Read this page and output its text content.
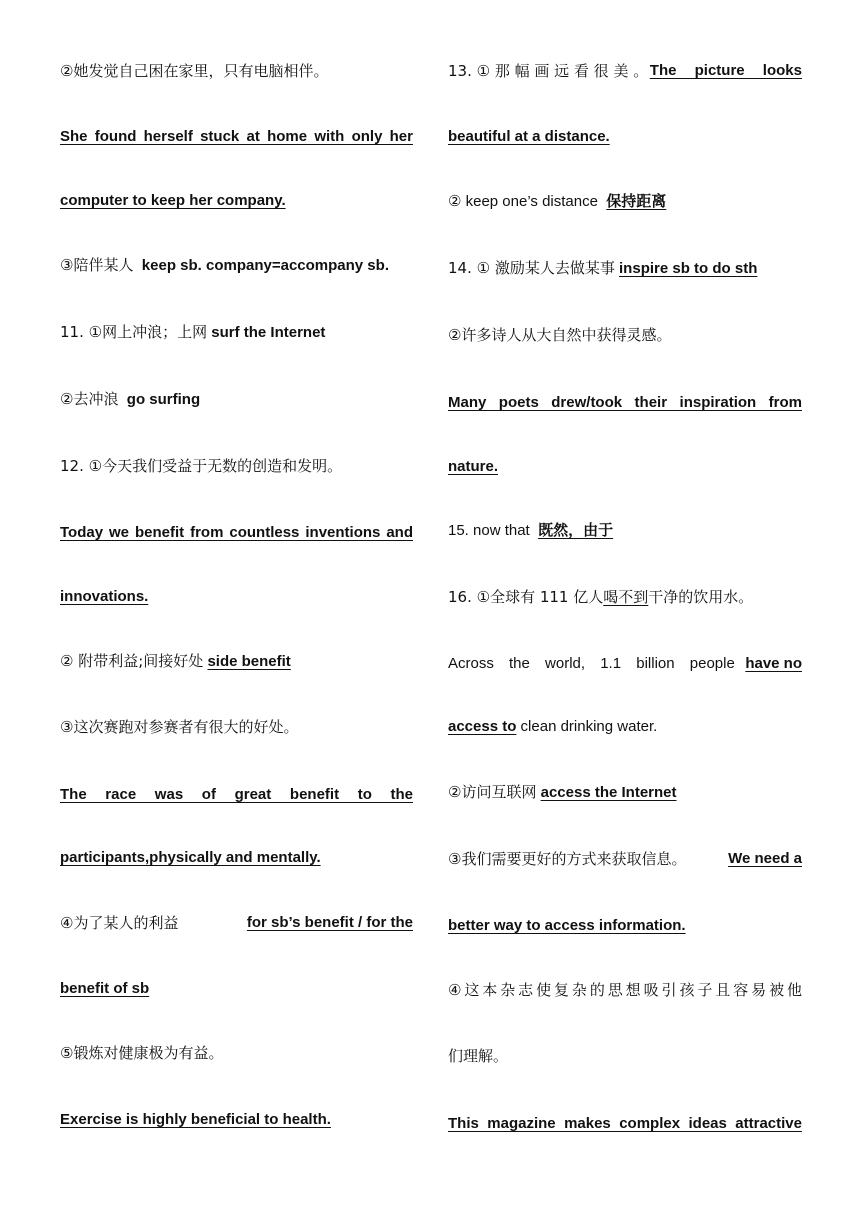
②她发觉自己困在家里，只有电脑相伴。
She found herself stuck at home with only her
computer to keep her company.
③陪伴某人 keep sb. company=accompany sb.
11. ①网上冲浪；上网 surf the Internet
②去冲浪 go surfing
12. ①今天我们受益于无数的创造和发明。
Today we benefit from countless inventions and
innovations.
② 附带利益;间接好处 side benefit
③这次赛跑对参赛者有很大的好处。
The race was of great benefit to the
participants,physically and mentally.
④为了某人的利益	for sb’s benefit / for the
benefit of sb
⑤锻炼对健康极为有益。
Exercise is highly beneficial to health.
13. ① 那 幅 画 远 看 很 美 。 The picture looks
beautiful at a distance.
② keep one’s distance 保持距离
14. ① 激励某人去做某事 inspire sb to do sth
②许多诗人从大自然中获得灵感。
Many poets drew/took their inspiration from
nature.
15. now that 既然，由于
16. ①全球有 111 亿人喝不到干净的饮用水。
Across the world, 1.1 billion people have no
access to clean drinking water.
②访问互联网 access the Internet
③我们需要更好的方式来获取信息。	We need a
better way to access information.
④这本杂志使复杂的思想吸引孩子且容易被他
们理解。
This magazine makes complex ideas attractive
